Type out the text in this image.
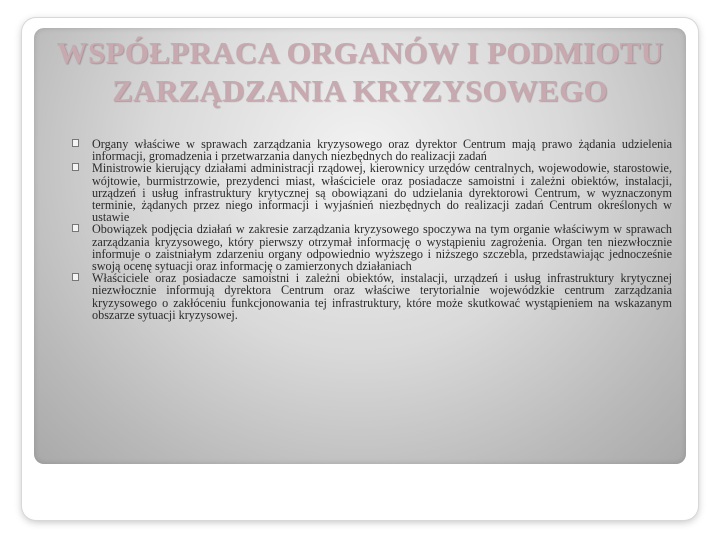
WSPÓŁPRACA ORGANÓW I PODMIOTU
ZARZĄDZANIA KRYZYSOWEGO
Organy właściwe w sprawach zarządzania kryzysowego oraz dyrektor Centrum mają prawo żądania udzielenia informacji, gromadzenia i przetwarzania danych niezbędnych do realizacji zadań
Ministrowie kierujący działami administracji rządowej, kierownicy urzędów centralnych, wojewodowie, starostowie, wójtowie, burmistrzowie, prezydenci miast, właściciele oraz posiadacze samoistni i zależni obiektów, instalacji, urządzeń i usług infrastruktury krytycznej są obowiązani do udzielania dyrektorowi Centrum, w wyznaczonym terminie, żądanych przez niego informacji i wyjaśnień niezbędnych do realizacji zadań Centrum określonych w ustawie
Obowiązek podjęcia działań w zakresie zarządzania kryzysowego spoczywa na tym organie właściwym w sprawach zarządzania kryzysowego, który pierwszy otrzymał informację o wystąpieniu zagrożenia. Organ ten niezwłocznie informuje o zaistniałym zdarzeniu organy odpowiednio wyższego i niższego szczebla, przedstawiając jednocześnie swoją ocenę sytuacji oraz informację o zamierzonych działaniach
Właściciele oraz posiadacze samoistni i zależni obiektów, instalacji, urządzeń i usług infrastruktury krytycznej niezwłocznie informują dyrektora Centrum oraz właściwe terytorialnie wojewódzkie centrum zarządzania kryzysowego o zakłóceniu funkcjonowania tej infrastruktury, które może skutkować wystąpieniem na wskazanym obszarze sytuacji kryzysowej.
